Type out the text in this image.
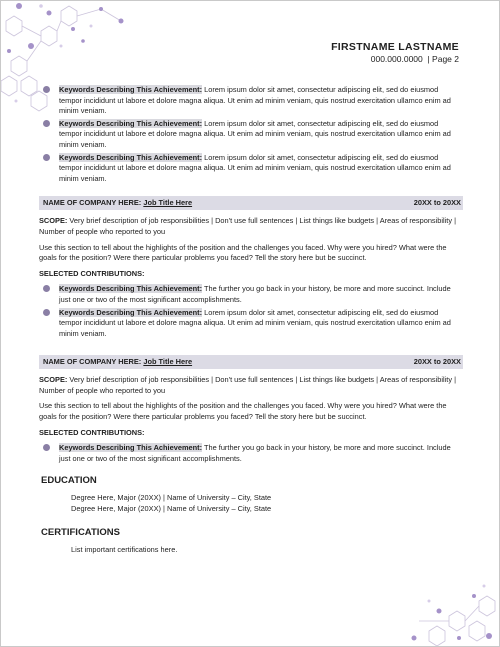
FIRSTNAME LASTNAME
000.000.0000 | Page 2
Keywords Describing This Achievement: Lorem ipsum dolor sit amet, consectetur adipiscing elit, sed do eiusmod tempor incididunt ut labore et dolore magna aliqua. Ut enim ad minim veniam, quis nostrud exercitation ullamco enim ad minim veniam.
Keywords Describing This Achievement: Lorem ipsum dolor sit amet, consectetur adipiscing elit, sed do eiusmod tempor incididunt ut labore et dolore magna aliqua. Ut enim ad minim veniam, quis nostrud exercitation ullamco enim ad minim veniam.
Keywords Describing This Achievement: Lorem ipsum dolor sit amet, consectetur adipiscing elit, sed do eiusmod tempor incididunt ut labore et dolore magna aliqua. Ut enim ad minim veniam, quis nostrud exercitation ullamco enim ad minim veniam.
NAME OF COMPANY HERE: Job Title Here	20XX to 20XX

SCOPE: Very brief description of job responsibilities | Don't use full sentences | List things like budgets | Areas of responsibility | Number of people who reported to you

Use this section to tell about the highlights of the position and the challenges you faced. Why were you hired? What were the goals for the position? Were there particular problems you faced? Tell the story here but be succinct.

SELECTED CONTRIBUTIONS:

Keywords Describing This Achievement: The further you go back in your history, be more and more succinct. Include just one or two of the most significant accomplishments.
Keywords Describing This Achievement: Lorem ipsum dolor sit amet, consectetur adipiscing elit, sed do eiusmod tempor incididunt ut labore et dolore magna aliqua. Ut enim ad minim veniam, quis nostrud exercitation ullamco enim ad minim veniam.
NAME OF COMPANY HERE: Job Title Here	20XX to 20XX

SCOPE: Very brief description of job responsibilities | Don't use full sentences | List things like budgets | Areas of responsibility | Number of people who reported to you

Use this section to tell about the highlights of the position and the challenges you faced. Why were you hired? What were the goals for the position? Were there particular problems you faced? Tell the story here but be succinct.

SELECTED CONTRIBUTIONS:

Keywords Describing This Achievement: The further you go back in your history, be more and more succinct. Include just one or two of the most significant accomplishments.
EDUCATION
Degree Here, Major (20XX) | Name of University – City, State
Degree Here, Major (20XX) | Name of University – City, State
CERTIFICATIONS
List important certifications here.
